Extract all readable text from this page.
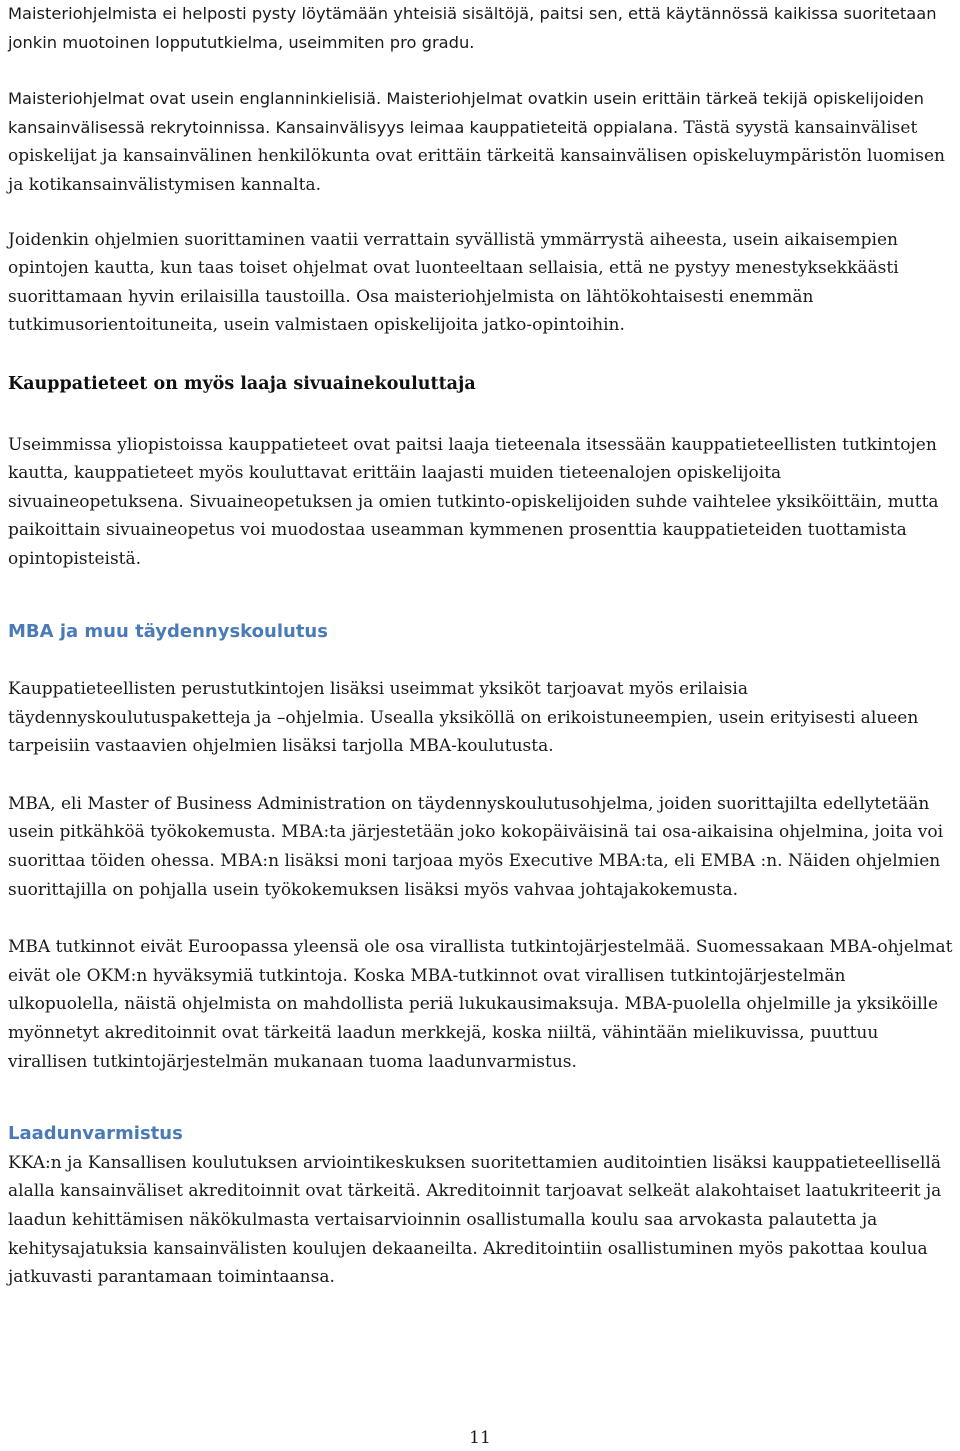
Maisteriohjelmista ei helposti pysty löytämään yhteisiä sisältöjä, paitsi sen, että käytännössä kaikissa suoritetaan jonkin muotoinen loppututkielma, useimmiten pro gradu.

Maisteriohjelmat ovat usein englanninkielisiä. Maisteriohjelmat ovatkin usein erittäin tärkeä tekijä opiskelijoiden kansainvälisessä rekrytoinnissa. Kansainvälisyys leimaa kauppatieteitä oppialana. Tästä syystä kansainväliset opiskelijat ja kansainvälinen henkilökunta ovat erittäin tärkeitä kansainvälisen opiskeluympäristön luomisen ja kotikansainvälistymisen kannalta.

Joidenkin ohjelmien suorittaminen vaatii verrattain syvällistä ymmärrystä aiheesta, usein aikaisempien opintojen kautta, kun taas toiset ohjelmat ovat luonteeltaan sellaisia, että ne pystyy menestyksekkäästi suorittamaan hyvin erilaisilla taustoilla. Osa maisteriohjelmista on lähtökohtaisesti enemmän tutkimusorientoituneita, usein valmistaen opiskelijoita jatko-opintoihin.

Kauppatieteet on myös laaja sivuainekouluttaja

Useimmissa yliopistoissa kauppatieteet ovat paitsi laaja tieteenala itsessään kauppatieteellisten tutkintojen kautta, kauppatieteet myös kouluttavat erittäin laajasti muiden tieteenalojen opiskelijoita sivuaineopetuksena. Sivuaineopetuksen ja omien tutkinto-opiskelijoiden suhde vaihtelee yksiköittäin, mutta paikoittain sivuaineopetus voi muodostaa useamman kymmenen prosenttia kauppatieteiden tuottamista opintopisteistä.

MBA ja muu täydennyskoulutus

Kauppatieteellisten perustutkintojen lisäksi useimmat yksiköt tarjoavat myös erilaisia täydennyskoulutuspaketteja ja –ohjelmia. Usealla yksiköllä on erikoistuneempien, usein erityisesti alueen tarpeisiin vastaavien ohjelmien lisäksi tarjolla MBA-koulutusta.

MBA, eli Master of Business Administration on täydennyskoulutusohjelma, joiden suorittajilta edellytetään usein pitkähköä työkokemusta. MBA:ta järjestetään joko kokopäiväisinä tai osa-aikaisina ohjelmina, joita voi suorittaa töiden ohessa. MBA:n lisäksi moni tarjoaa myös Executive MBA:ta, eli EMBA :n. Näiden ohjelmien suorittajilla on pohjalla usein työkokemuksen lisäksi myös vahvaa johtajakokemusta.

MBA tutkinnot eivät Euroopassa yleensä ole osa virallista tutkintojärjestelmää. Suomessakaan MBA-ohjelmat eivät ole OKM:n hyväksymiä tutkintoja. Koska MBA-tutkinnot ovat virallisen tutkintojärjestelmän ulkopuolella, näistä ohjelmista on mahdollista periä lukukausimaksuja. MBA-puolella ohjelmille ja yksiköille myönnetyt akreditoinnit ovat tärkeitä laadun merkkejä, koska niiltä, vähintään mielikuvissa, puuttuu virallisen tutkintojärjestelmän mukanaan tuoma laadunvarmistus.

Laadunvarmistus

KKA:n ja Kansallisen koulutuksen arviointikeskuksen suoritettamien auditointien lisäksi kauppatieteellisellä alalla kansainväliset akreditoinnit ovat tärkeitä. Akreditoinnit tarjoavat selkeät alakohtaiset laatukriteerit ja laadun kehittämisen näkökulmasta vertaisarvioinnin osallistumalla koulu saa arvokasta palautetta ja kehitysajatuksia kansainvälisten koulujen dekaaneilta. Akreditointiin osallistuminen myös pakottaa koulua jatkuvasti parantamaan toimintaansa.

11
